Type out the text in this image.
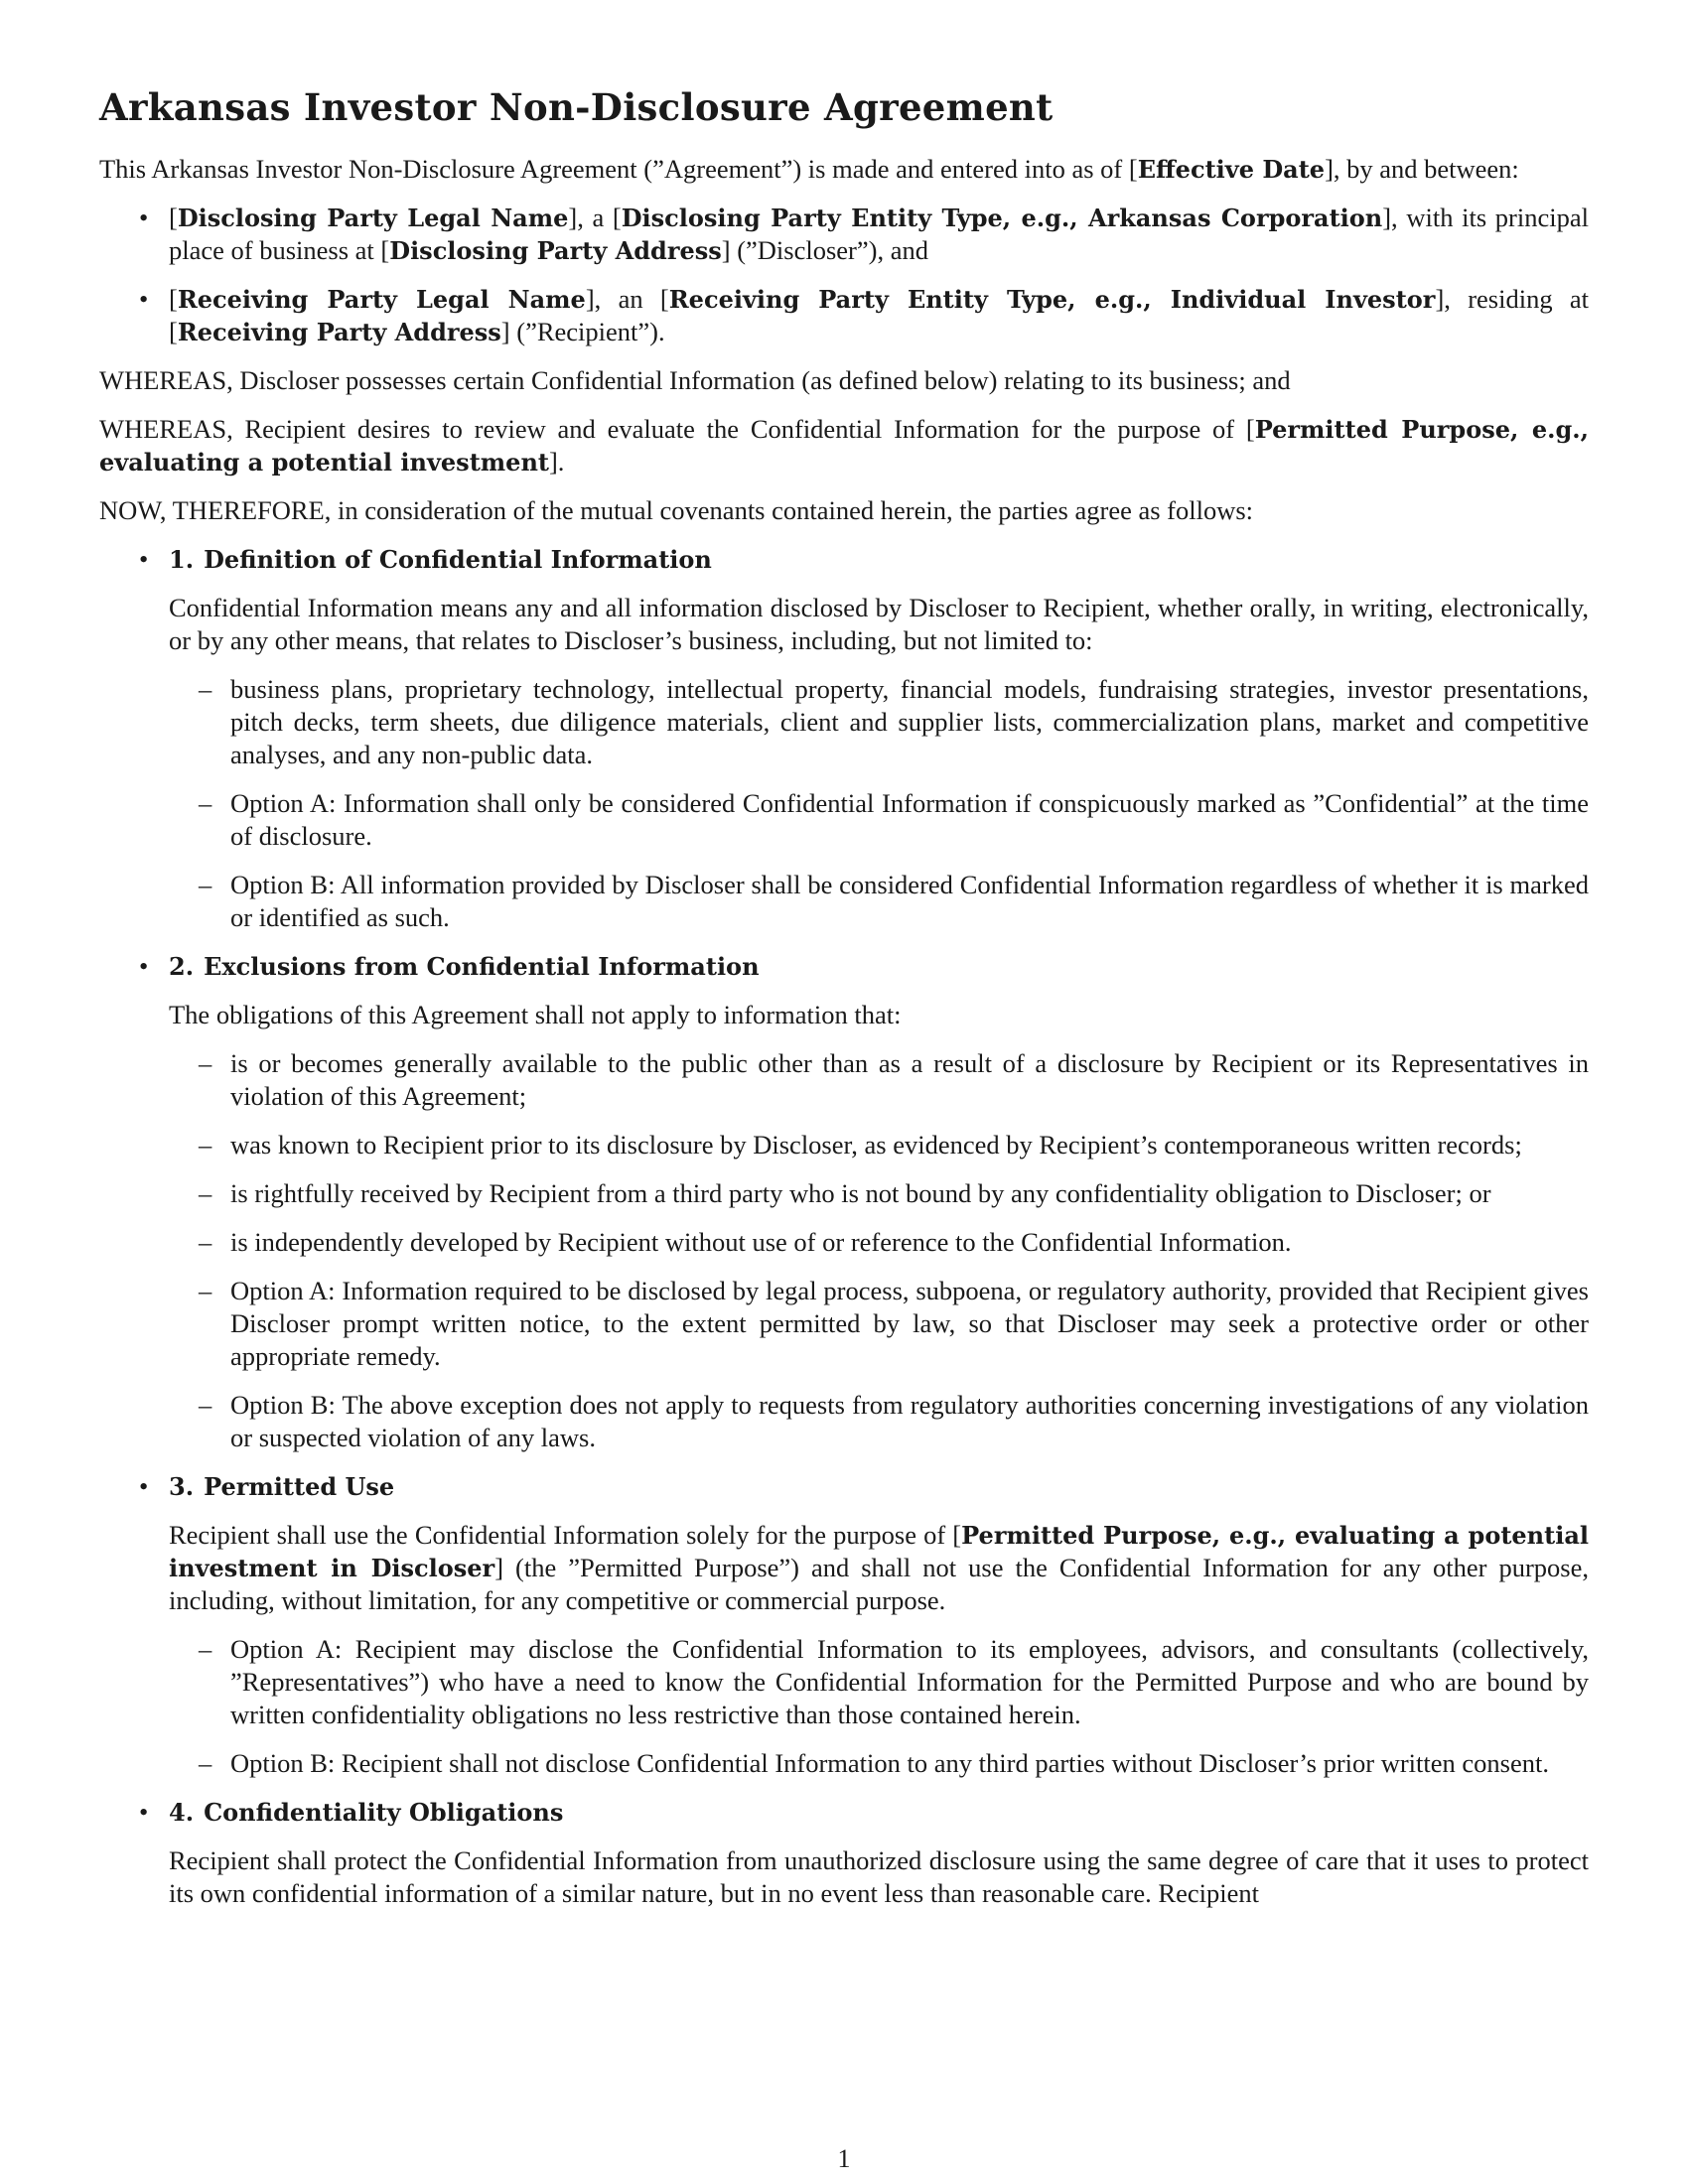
Arkansas Investor Non-Disclosure Agreement

This Arkansas Investor Non-Disclosure Agreement (”Agreement”) is made and entered into as of [Effective Date], by and between:

• [Disclosing Party Legal Name], a [Disclosing Party Entity Type, e.g., Arkansas Corporation], with its principal place of business at [Disclosing Party Address] (”Discloser”), and
• [Receiving Party Legal Name], an [Receiving Party Entity Type, e.g., Individual Investor], residing at [Receiving Party Address] (”Recipient”).

WHEREAS, Discloser possesses certain Confidential Information (as defined below) relating to its business; and

WHEREAS, Recipient desires to review and evaluate the Confidential Information for the purpose of [Permitted Purpose, e.g., evaluating a potential investment].

NOW, THEREFORE, in consideration of the mutual covenants contained herein, the parties agree as follows:

• 1. Definition of Confidential Information

Confidential Information means any and all information disclosed by Discloser to Recipient, whether orally, in writing, electronically, or by any other means, that relates to Discloser’s business, including, but not limited to:

– business plans, proprietary technology, intellectual property, financial models, fundraising strategies, investor presentations, pitch decks, term sheets, due diligence materials, client and supplier lists, commercialization plans, market and competitive analyses, and any non-public data.
– Option A: Information shall only be considered Confidential Information if conspicuously marked as ”Confidential” at the time of disclosure.
– Option B: All information provided by Discloser shall be considered Confidential Information regardless of whether it is marked or identified as such.
• 2. Exclusions from Confidential Information

The obligations of this Agreement shall not apply to information that:

– is or becomes generally available to the public other than as a result of a disclosure by Recipient or its Representatives in violation of this Agreement;
– was known to Recipient prior to its disclosure by Discloser, as evidenced by Recipient’s contemporaneous written records;
– is rightfully received by Recipient from a third party who is not bound by any confidentiality obligation to Discloser; or
– is independently developed by Recipient without use of or reference to the Confidential Information.
– Option A: Information required to be disclosed by legal process, subpoena, or regulatory authority, provided that Recipient gives Discloser prompt written notice, to the extent permitted by law, so that Discloser may seek a protective order or other appropriate remedy.
– Option B: The above exception does not apply to requests from regulatory authorities concerning investigations of any violation or suspected violation of any laws.
• 3. Permitted Use

Recipient shall use the Confidential Information solely for the purpose of [Permitted Purpose, e.g., evaluating a potential investment in Discloser] (the ”Permitted Purpose”) and shall not use the Confidential Information for any other purpose, including, without limitation, for any competitive or commercial purpose.

– Option A: Recipient may disclose the Confidential Information to its employees, advisors, and consultants (collectively, ”Representatives”) who have a need to know the Confidential Information for the Permitted Purpose and who are bound by written confidentiality obligations no less restrictive than those contained herein.
– Option B: Recipient shall not disclose Confidential Information to any third parties without Discloser’s prior written consent.
• 4. Confidentiality Obligations

Recipient shall protect the Confidential Information from unauthorized disclosure using the same degree of care that it uses to protect its own confidential information of a similar nature, but in no event less than reasonable care. Recipient

1
